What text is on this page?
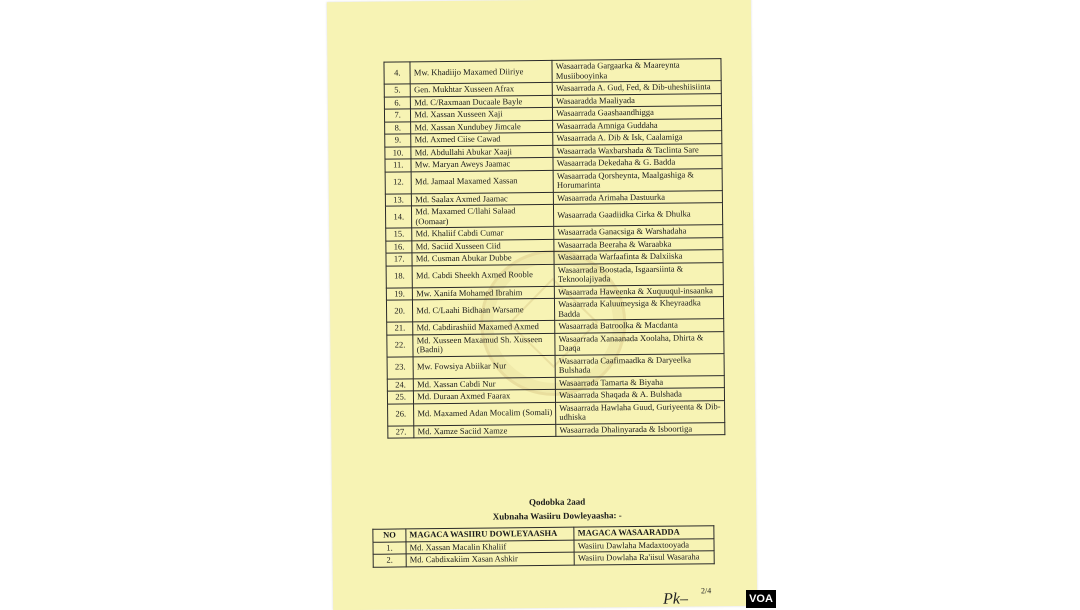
4.	Mw. Khadiijo Maxamed Diiriye	Wasaarrada Gargaarka & Maareynta Musiibooyinka
5.	Gen. Mukhtar Xusseen Afrax	Wasaarrada A. Gud, Fed, & Dib-uheshiisiinta
6.	Md. C/Raxmaan Ducaale Bayle	Wasaaradda Maaliyada
7.	Md. Xassan Xusseen Xaji	Wasaarrada Gaashaandhigga
8.	Md. Xassan Xundubey Jimcale	Wasaarrada Amniga Guddaha
9.	Md. Axmed Ciise Cawad	Wasaarrada A. Dib & Isk, Caalamiga
10.	Md. Abdullahi Abukar Xaaji	Wasaarrada Waxbarshada & Taclinta Sare
11.	Mw. Maryan Aweys Jaamac	Wasaarrada Dekedaha & G. Badda
12.	Md. Jamaal Maxamed Xassan	Wasaarrada Qorsheynta, Maalgashiga & Horumarinta
13.	Md. Saalax Axmed Jaamac	Wasaarrada Arimaha Dastuurka
14.	Md. Maxamed C/llahi Salaad (Oomaar)	Wasaarrada Gaadiidka Cirka & Dhulka
15.	Md. Khaliif Cabdi Cumar	Wasaarrada Ganacsiga & Warshadaha
16.	Md. Saciid Xusseen Ciid	Wasaarrada Beeraha & Waraabka
17.	Md. Cusman Abukar Dubbe	Wasaarrada Warfaafinta & Dalxiiska
18.	Md. Cabdi Sheekh Axmed Rooble	Wasaarrada Boostada, Isgaarsiinta & Teknoolajiyada
19.	Mw. Xanifa Mohamed Ibrahim	Wasaarrada Haweenka & Xuquuqul-insaanka
20.	Md. C/Laahi Bidhaan Warsame	Wasaarrada Kaluumeysiga & Kheyraadka Badda
21.	Md. Cabdirashiid Maxamed Axmed	Wasaarrada Batroolka & Macdanta
22.	Md. Xusseen Maxamud Sh. Xusseen (Badni)	Wasaarrada Xanaanada Xoolaha, Dhirta & Daaqa
23.	Mw. Fowsiya Abiikar Nur	Wasaarrada Caafimaadka & Daryeelka Bulshada
24.	Md. Xassan Cabdi Nur	Wasaarrada Tamarta & Biyaha
25.	Md. Duraan Axmed Faarax	Wasaarrada Shaqada & A. Bulshada
26.	Md. Maxamed Adan Mocalim (Somali)	Wasaarrada Hawlaha Guud, Guriyeenta & Dib-udhiska
27.	Md. Xamze Saciid Xamze	Wasaarrada Dhalinyarada & Isboortiga
Qodobka 2aad
Xubnaha Wasiiru Dowleyaasha: -
NO	MAGACA WASIIRU DOWLEYAASHA	MAGACA WASAARADDA
1.	Md. Xassan Macalin Khaliif	Wasiiru Dawlaha Madaxtooyada
2.	Md. Cabdixakiim Xasan Ashkir	Wasiiru Dowlaha Ra'iisul Wasaraha
Pk– 2/4
VOA
